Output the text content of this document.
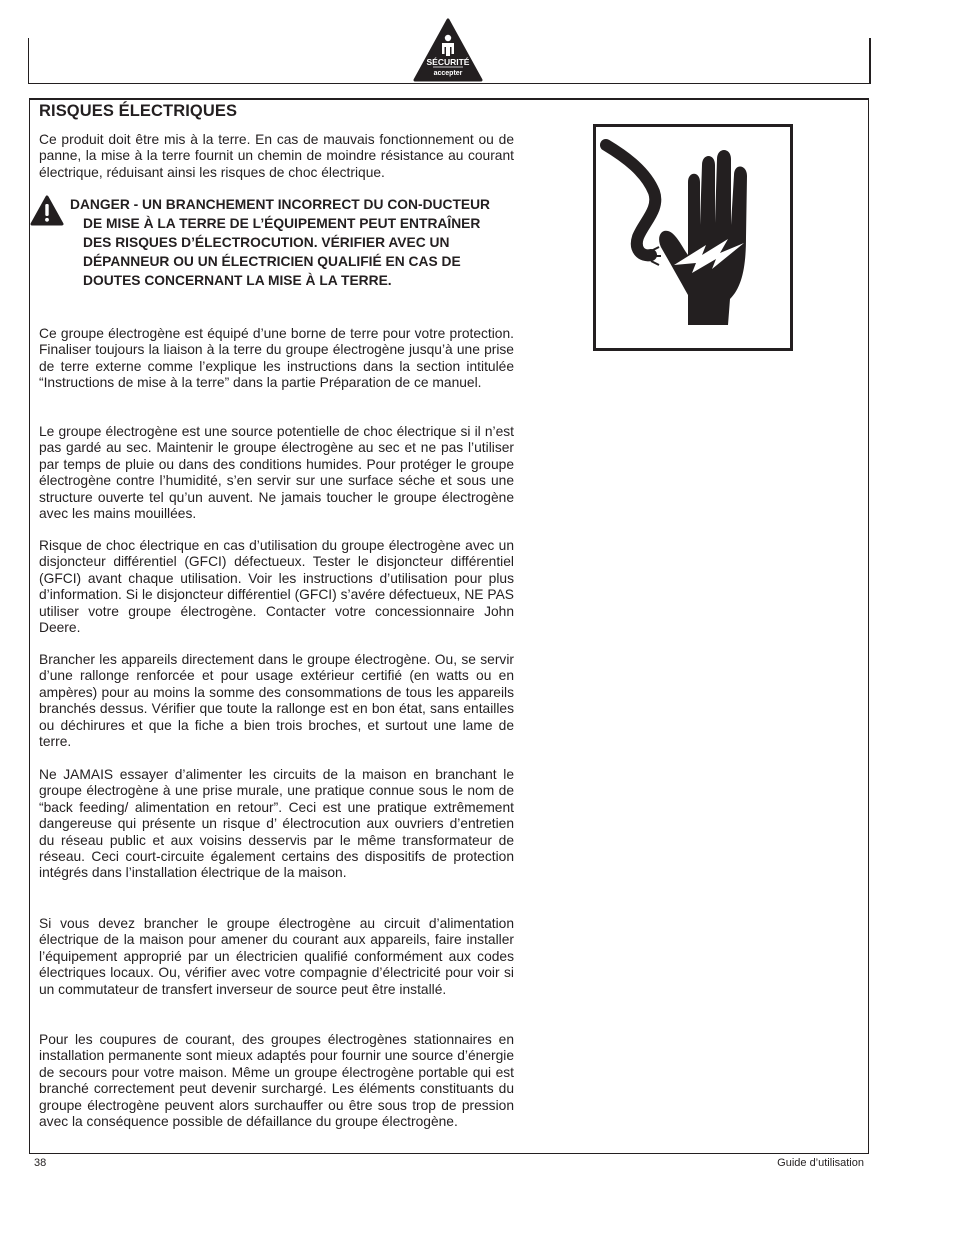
SÉCURITÉ
accepter
RISQUES ÉLECTRIQUES

Ce produit doit être mis à la terre. En cas de mauvais fonctionnement ou de panne, la mise à la terre fournit un chemin de moindre résistance au courant électrique, réduisant ainsi les risques de choc électrique.

DANGER - UN BRANCHEMENT INCORRECT DU CON-DUCTEUR DE MISE À LA TERRE DE L’ÉQUIPEMENT PEUT ENTRAÎNER DES RISQUES D’ÉLECTROCUTION. VÉRIFIER AVEC UN DÉPANNEUR OU UN ÉLECTRICIEN QUALIFIÉ EN CAS DE DOUTES CONCERNANT LA MISE À LA TERRE.

Ce groupe électrogène est équipé d’une borne de terre pour votre protection. Finaliser toujours la liaison à la terre du groupe électrogène jusqu’à une prise de terre externe comme l’explique les instructions dans la section intitulée “Instructions de mise à la terre” dans la partie Préparation de ce manuel.

Le groupe électrogène est une source potentielle de choc électrique si il n’est pas gardé au sec. Maintenir le groupe électrogène au sec et ne pas l’utiliser par temps de pluie ou dans des conditions humides. Pour protéger le groupe électrogène contre l’humidité, s’en servir sur une surface séche et sous une structure ouverte tel qu’un auvent. Ne jamais toucher le groupe électrogène avec les mains mouillées.

Risque de choc électrique en cas d’utilisation du groupe électrogène avec un disjoncteur différentiel (GFCI) défectueux. Tester le disjoncteur différentiel (GFCI) avant chaque utilisation. Voir les instructions d’utilisation pour plus d’information. Si le disjoncteur différentiel (GFCI) s’avére défectueux, NE PAS utiliser votre groupe électrogène. Contacter votre concessionnaire John Deere.

Brancher les appareils directement dans le groupe électrogène. Ou, se servir d’une rallonge renforcée et pour usage extérieur certifié (en watts ou en ampères) pour au moins la somme des consommations de tous les appareils branchés dessus. Vérifier que toute la rallonge est en bon état, sans entailles ou déchirures et que la fiche a bien trois broches, et surtout une lame de terre.

Ne JAMAIS essayer d’alimenter les circuits de la maison en branchant le groupe électrogène à une prise murale, une pratique connue sous le nom de “back feeding/ alimentation en retour”. Ceci est une pratique extrêmement dangereuse qui présente un risque d’ électrocution aux ouvriers d’entretien du réseau public et aux voisins desservis par le même transformateur de réseau. Ceci court-circuite également certains des dispositifs de protection intégrés dans l’installation électrique de la maison.

Si vous devez brancher le groupe électrogène au circuit d’alimentation électrique de la maison pour amener du courant aux appareils, faire installer l’équipement approprié par un électricien qualifié conformément aux codes électriques locaux. Ou, vérifier avec votre compagnie d’électricité pour voir si un commutateur de transfert inverseur de source peut être installé.

Pour les coupures de courant, des groupes électrogènes stationnaires en installation permanente sont mieux adaptés pour fournir une source d’énergie de secours pour votre maison. Même un groupe électrogène portable qui est branché correctement peut devenir surchargé. Les éléments constituants du groupe électrogène peuvent alors surchauffer ou être sous trop de pression avec la conséquence possible de défaillance du groupe électrogène.

38	Guide d’utilisation
